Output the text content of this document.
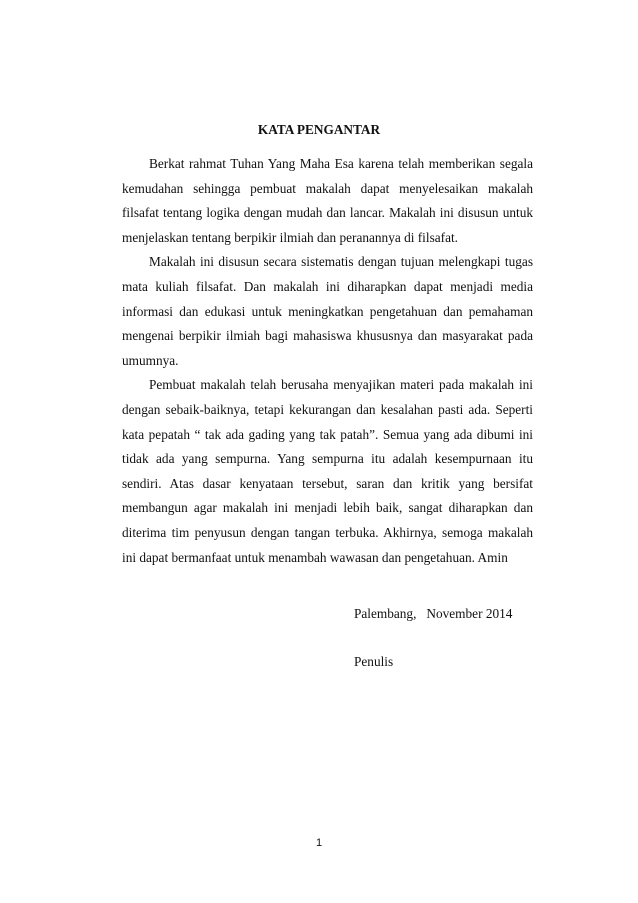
KATA PENGANTAR

Berkat rahmat Tuhan Yang Maha Esa karena telah memberikan segala kemudahan sehingga pembuat makalah dapat menyelesaikan makalah filsafat tentang logika dengan mudah dan lancar. Makalah ini disusun untuk menjelaskan tentang berpikir ilmiah dan peranannya di filsafat.

Makalah ini disusun secara sistematis dengan tujuan melengkapi tugas mata kuliah filsafat. Dan makalah ini diharapkan dapat menjadi media informasi dan edukasi untuk meningkatkan pengetahuan dan pemahaman mengenai berpikir ilmiah bagi mahasiswa khususnya dan masyarakat pada umumnya.

Pembuat makalah telah berusaha menyajikan materi pada makalah ini dengan sebaik-baiknya, tetapi kekurangan dan kesalahan pasti ada. Seperti kata pepatah “ tak ada gading yang tak patah”. Semua yang ada dibumi ini tidak ada yang sempurna. Yang sempurna itu adalah kesempurnaan itu sendiri. Atas dasar kenyataan tersebut, saran dan kritik yang bersifat membangun agar makalah ini menjadi lebih baik, sangat diharapkan dan diterima tim penyusun dengan tangan terbuka. Akhirnya, semoga makalah ini dapat bermanfaat untuk menambah wawasan dan pengetahuan. Amin

Palembang,   November 2014
Penulis
1
